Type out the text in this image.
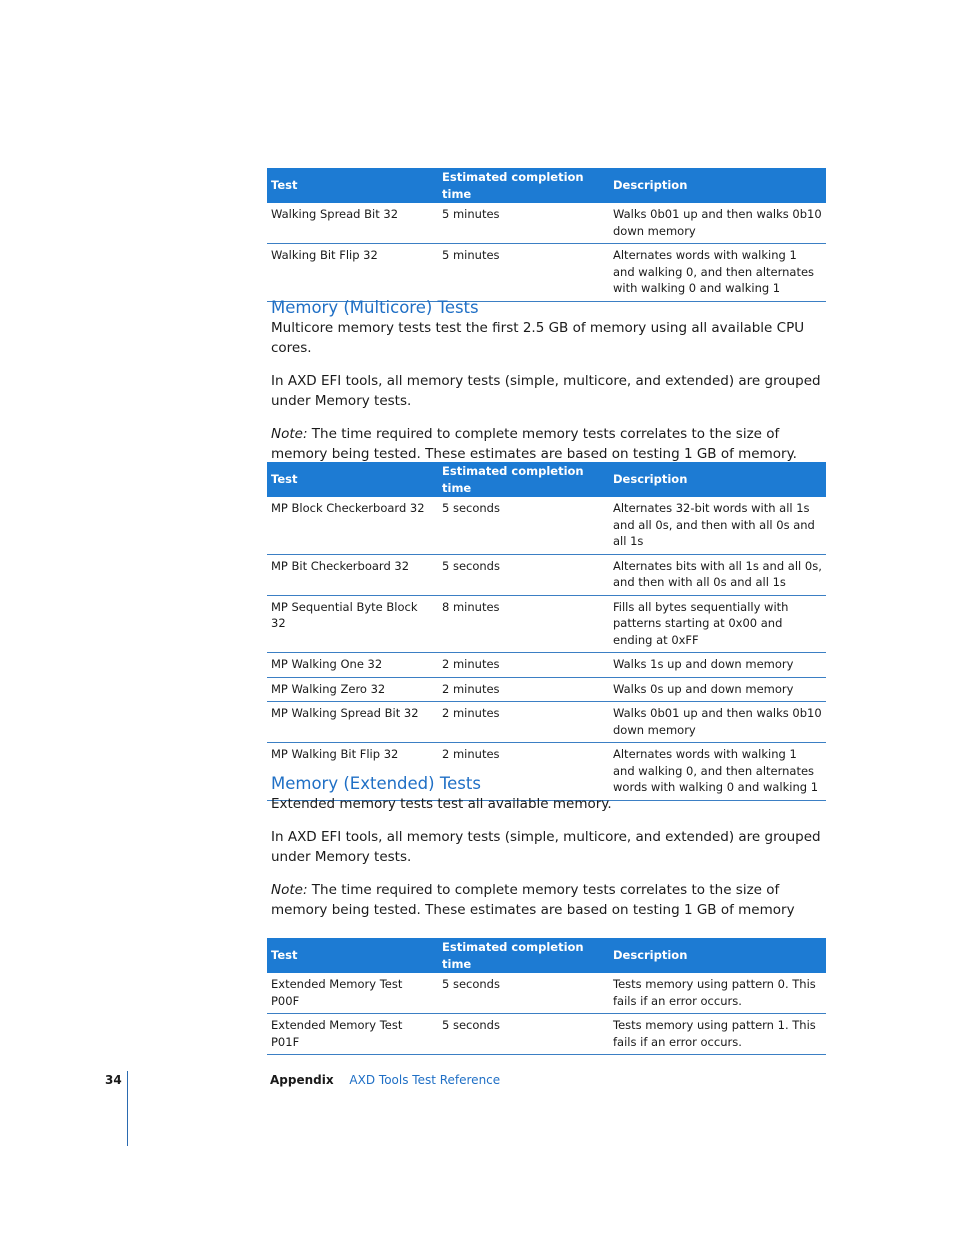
Test	Estimated completion time	Description
Walking Spread Bit 32	5 minutes	Walks 0b01 up and then walks 0b10 down memory
Walking Bit Flip 32	5 minutes	Alternates words with walking 1 and walking 0, and then alternates with walking 0 and walking 1
Memory (Multicore) Tests

Multicore memory tests test the first 2.5 GB of memory using all available CPU cores.

In AXD EFI tools, all memory tests (simple, multicore, and extended) are grouped under Memory tests.

Note: The time required to complete memory tests correlates to the size of memory being tested. These estimates are based on testing 1 GB of memory.

Test	Estimated completion time	Description
MP Block Checkerboard 32	5 seconds	Alternates 32-bit words with all 1s and all 0s, and then with all 0s and all 1s
MP Bit Checkerboard 32	5 seconds	Alternates bits with all 1s and all 0s, and then with all 0s and all 1s
MP Sequential Byte Block 32	8 minutes	Fills all bytes sequentially with patterns starting at 0x00 and ending at 0xFF
MP Walking One 32	2 minutes	Walks 1s up and down memory
MP Walking Zero 32	2 minutes	Walks 0s up and down memory
MP Walking Spread Bit 32	2 minutes	Walks 0b01 up and then walks 0b10 down memory
MP Walking Bit Flip 32	2 minutes	Alternates words with walking 1 and walking 0, and then alternates words with walking 0 and walking 1
Memory (Extended) Tests

Extended memory tests test all available memory.

In AXD EFI tools, all memory tests (simple, multicore, and extended) are grouped under Memory tests.

Note: The time required to complete memory tests correlates to the size of memory being tested. These estimates are based on testing 1 GB of memory

Test	Estimated completion time	Description
Extended Memory Test P00F	5 seconds	Tests memory using pattern 0. This fails if an error occurs.
Extended Memory Test P01F	5 seconds	Tests memory using pattern 1. This fails if an error occurs.
34	Appendix AXD Tools Test Reference
